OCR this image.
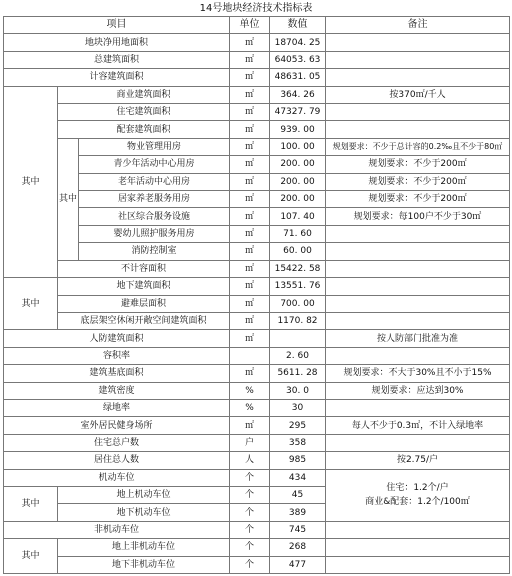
14号地块经济技术指标表
项目			单位	数值	备注
地块净用地面积			㎡	18704. 25	
总建筑面积			㎡	64053. 63	
计容建筑面积			㎡	48631. 05	
其中	商业建筑面积		㎡	364. 26	按370㎡/千人
	住宅建筑面积		㎡	47327. 79	
	配套建筑面积		㎡	939. 00	
	其中	物业管理用房	㎡	100. 00	规划要求：不少于总计容的0.2‰且不少于80㎡
		青少年活动中心用房	㎡	200. 00	规划要求：不少于200㎡
		老年活动中心用房	㎡	200. 00	规划要求：不少于200㎡
		居家养老服务用房	㎡	200. 00	规划要求：不少于200㎡
		社区综合服务设施	㎡	107. 40	规划要求：每100户不少于30㎡
		婴幼儿照护服务用房	㎡	71. 60	
		消防控制室	㎡	60. 00	
	不计容面积		㎡	15422. 58	
其中	地下建筑面积		㎡	13551. 76	
	避难层面积		㎡	700. 00	
	底层架空休闲开敞空间建筑面积		㎡	1170. 82	
人防建筑面积			㎡		按人防部门批准为准
容积率				2. 60	
建筑基底面积			㎡	5611. 28	规划要求：不大于30%且不小于15%
建筑密度			%	30. 0	规划要求：应达到30%
绿地率			%	30	
室外居民健身场所			㎡	295	每人不少于0.3㎡，不计入绿地率
住宅总户数			户	358	
居住总人数			人	985	按2.75/户
机动车位			个	434	住宅：1.2个/户
商业&配套：1.2个/100㎡

其中	地上机动车位		个	45	
	地下机动车位		个	389	
非机动车位			个	745	
其中	地上非机动车位		个	268	
	地下非机动车位		个	477	
